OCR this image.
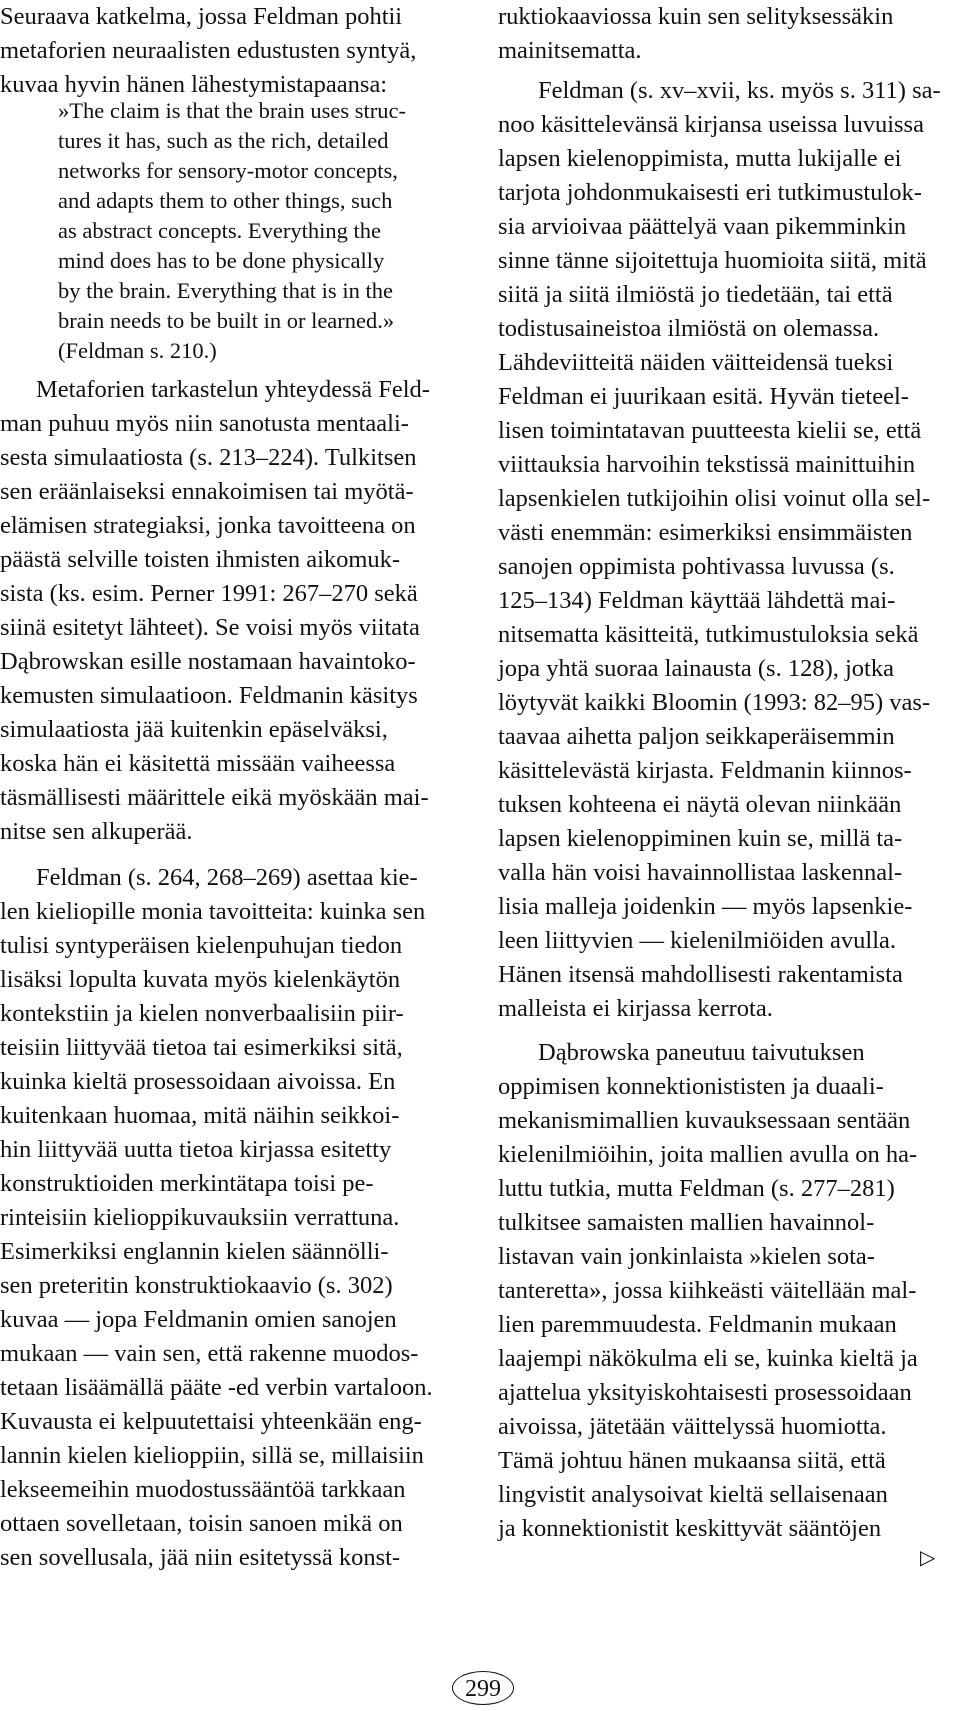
Seuraava katkelma, jossa Feldman pohtii
metaforien neuraalisten edustusten syntyä,
kuvaa hyvin hänen lähestymistapaansa:
»The claim is that the brain uses struc-
tures it has, such as the rich, detailed
networks for sensory-motor concepts,
and adapts them to other things, such
as abstract concepts. Everything the
mind does has to be done physically
by the brain. Everything that is in the
brain needs to be built in or learned.»
(Feldman s. 210.)
Metaforien tarkastelun yhteydessä Feld-
man puhuu myös niin sanotusta mentaali-
sesta simulaatiosta (s. 213–224). Tulkitsen
sen eräänlaiseksi ennakoimisen tai myötä-
elämisen strategiaksi, jonka tavoitteena on
päästä selville toisten ihmisten aikomuk-
sista (ks. esim. Perner 1991: 267–270 sekä
siinä esitetyt lähteet). Se voisi myös viitata
Dąbrowskan esille nostamaan havaintoko-
kemusten simulaatioon. Feldmanin käsitys
simulaatiosta jää kuitenkin epäselväksi,
koska hän ei käsitettä missään vaiheessa
täsmällisesti määrittele eikä myöskään mai-
nitse sen alkuperää.
Feldman (s. 264, 268–269) asettaa kie-
len kieliopille monia tavoitteita: kuinka sen
tulisi syntyperäisen kielenpuhujan tiedon
lisäksi lopulta kuvata myös kielenkäytön
kontekstiin ja kielen nonverbaalisiin piir-
teisiin liittyvää tietoa tai esimerkiksi sitä,
kuinka kieltä prosessoidaan aivoissa. En
kuitenkaan huomaa, mitä näihin seikkoi-
hin liittyvää uutta tietoa kirjassa esitetty
konstruktioiden merkintätapa toisi pe-
rinteisiin kielioppikuvauksiin verrattuna.
Esimerkiksi englannin kielen säännölli-
sen preteritin konstruktiokaavio (s. 302)
kuvaa — jopa Feldmanin omien sanojen
mukaan — vain sen, että rakenne muodos-
tetaan lisäämällä pääte -ed verbin vartaloon.
Kuvausta ei kelpuutettaisi yhteenkään eng-
lannin kielen kielioppiin, sillä se, millaisiin
lekseemeihin muodostussääntöä tarkkaan
ottaen sovelletaan, toisin sanoen mikä on
sen sovellusala, jää niin esitetyssä konst-
ruktiokaaviossa kuin sen selityksessäkin
mainitsematta.
Feldman (s. xv–xvii, ks. myös s. 311) sa-
noo käsittelevänsä kirjansa useissa luvuissa
lapsen kielenoppimista, mutta lukijalle ei
tarjota johdonmukaisesti eri tutkimustulok-
sia arvioivaa päättelyä vaan pikemminkin
sinne tänne sijoitettuja huomioita siitä, mitä
siitä ja siitä ilmiöstä jo tiedetään, tai että
todistusaineistoa ilmiöstä on olemassa.
Lähdeviitteitä näiden väitteidensä tueksi
Feldman ei juurikaan esitä. Hyvän tieteel-
lisen toimintatavan puutteesta kielii se, että
viittauksia harvoihin tekstissä mainittuihin
lapsenkielen tutkijoihin olisi voinut olla sel-
västi enemmän: esimerkiksi ensimmäisten
sanojen oppimista pohtivassa luvussa (s.
125–134) Feldman käyttää lähdettä mai-
nitsematta käsitteitä, tutkimustuloksia sekä
jopa yhtä suoraa lainausta (s. 128), jotka
löytyvät kaikki Bloomin (1993: 82–95) vas-
taavaa aihetta paljon seikkaperäisemmin
käsittelevästä kirjasta. Feldmanin kiinnos-
tuksen kohteena ei näytä olevan niinkään
lapsen kielenoppiminen kuin se, millä ta-
valla hän voisi havainnollistaa laskennal-
lisia malleja joidenkin — myös lapsenkie-
leen liittyvien — kielenilmiöiden avulla.
Hänen itsensä mahdollisesti rakentamista
malleista ei kirjassa kerrota.
Dąbrowska paneutuu taivutuksen
oppimisen konnektionististen ja duaali-
mekanismimallien kuvauksessaan sentään
kielenilmiöihin, joita mallien avulla on ha-
luttu tutkia, mutta Feldman (s. 277–281)
tulkitsee samaisten mallien havainnol-
listavan vain jonkinlaista »kielen sota-
tanteretta», jossa kiihkeästi väitellään mal-
lien paremmuudesta. Feldmanin mukaan
laajempi näkökulma eli se, kuinka kieltä ja
ajattelua yksityiskohtaisesti prosessoidaan
aivoissa, jätetään väittelyssä huomiotta.
Tämä johtuu hänen mukaansa siitä, että
lingvistit analysoivat kieltä sellaisenaan
ja konnektionistit keskittyvät sääntöjen
▷
299
